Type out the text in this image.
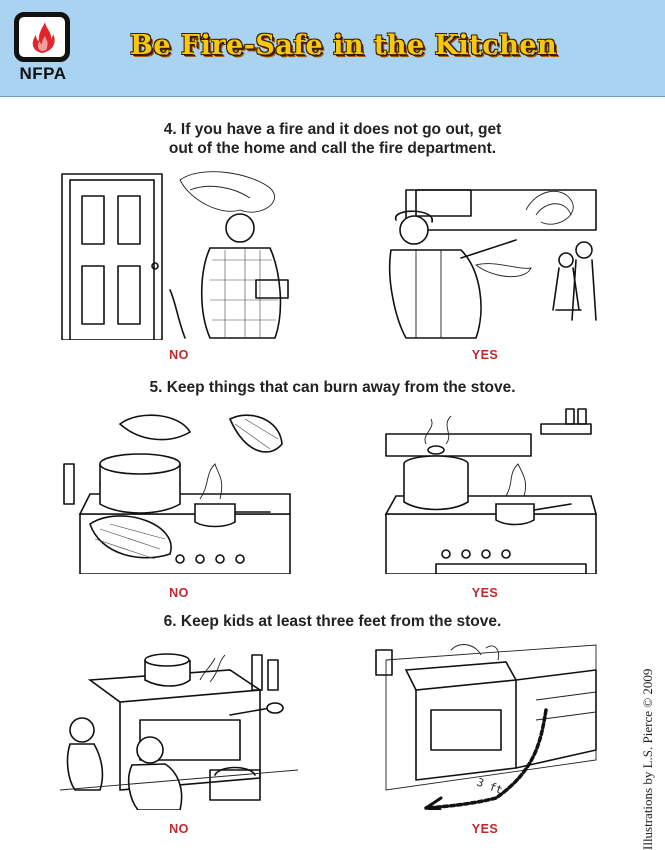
NFPA
Be Fire-Safe in the Kitchen
4. If you have a fire and it does not go out, get out of the home and call the fire department.
NO	YES
5. Keep things that can burn away from the stove.
NO	YES
6. Keep kids at least three feet from the stove.
NO
3 ft
YES	Illustrations by L.S. Pierce © 2009
